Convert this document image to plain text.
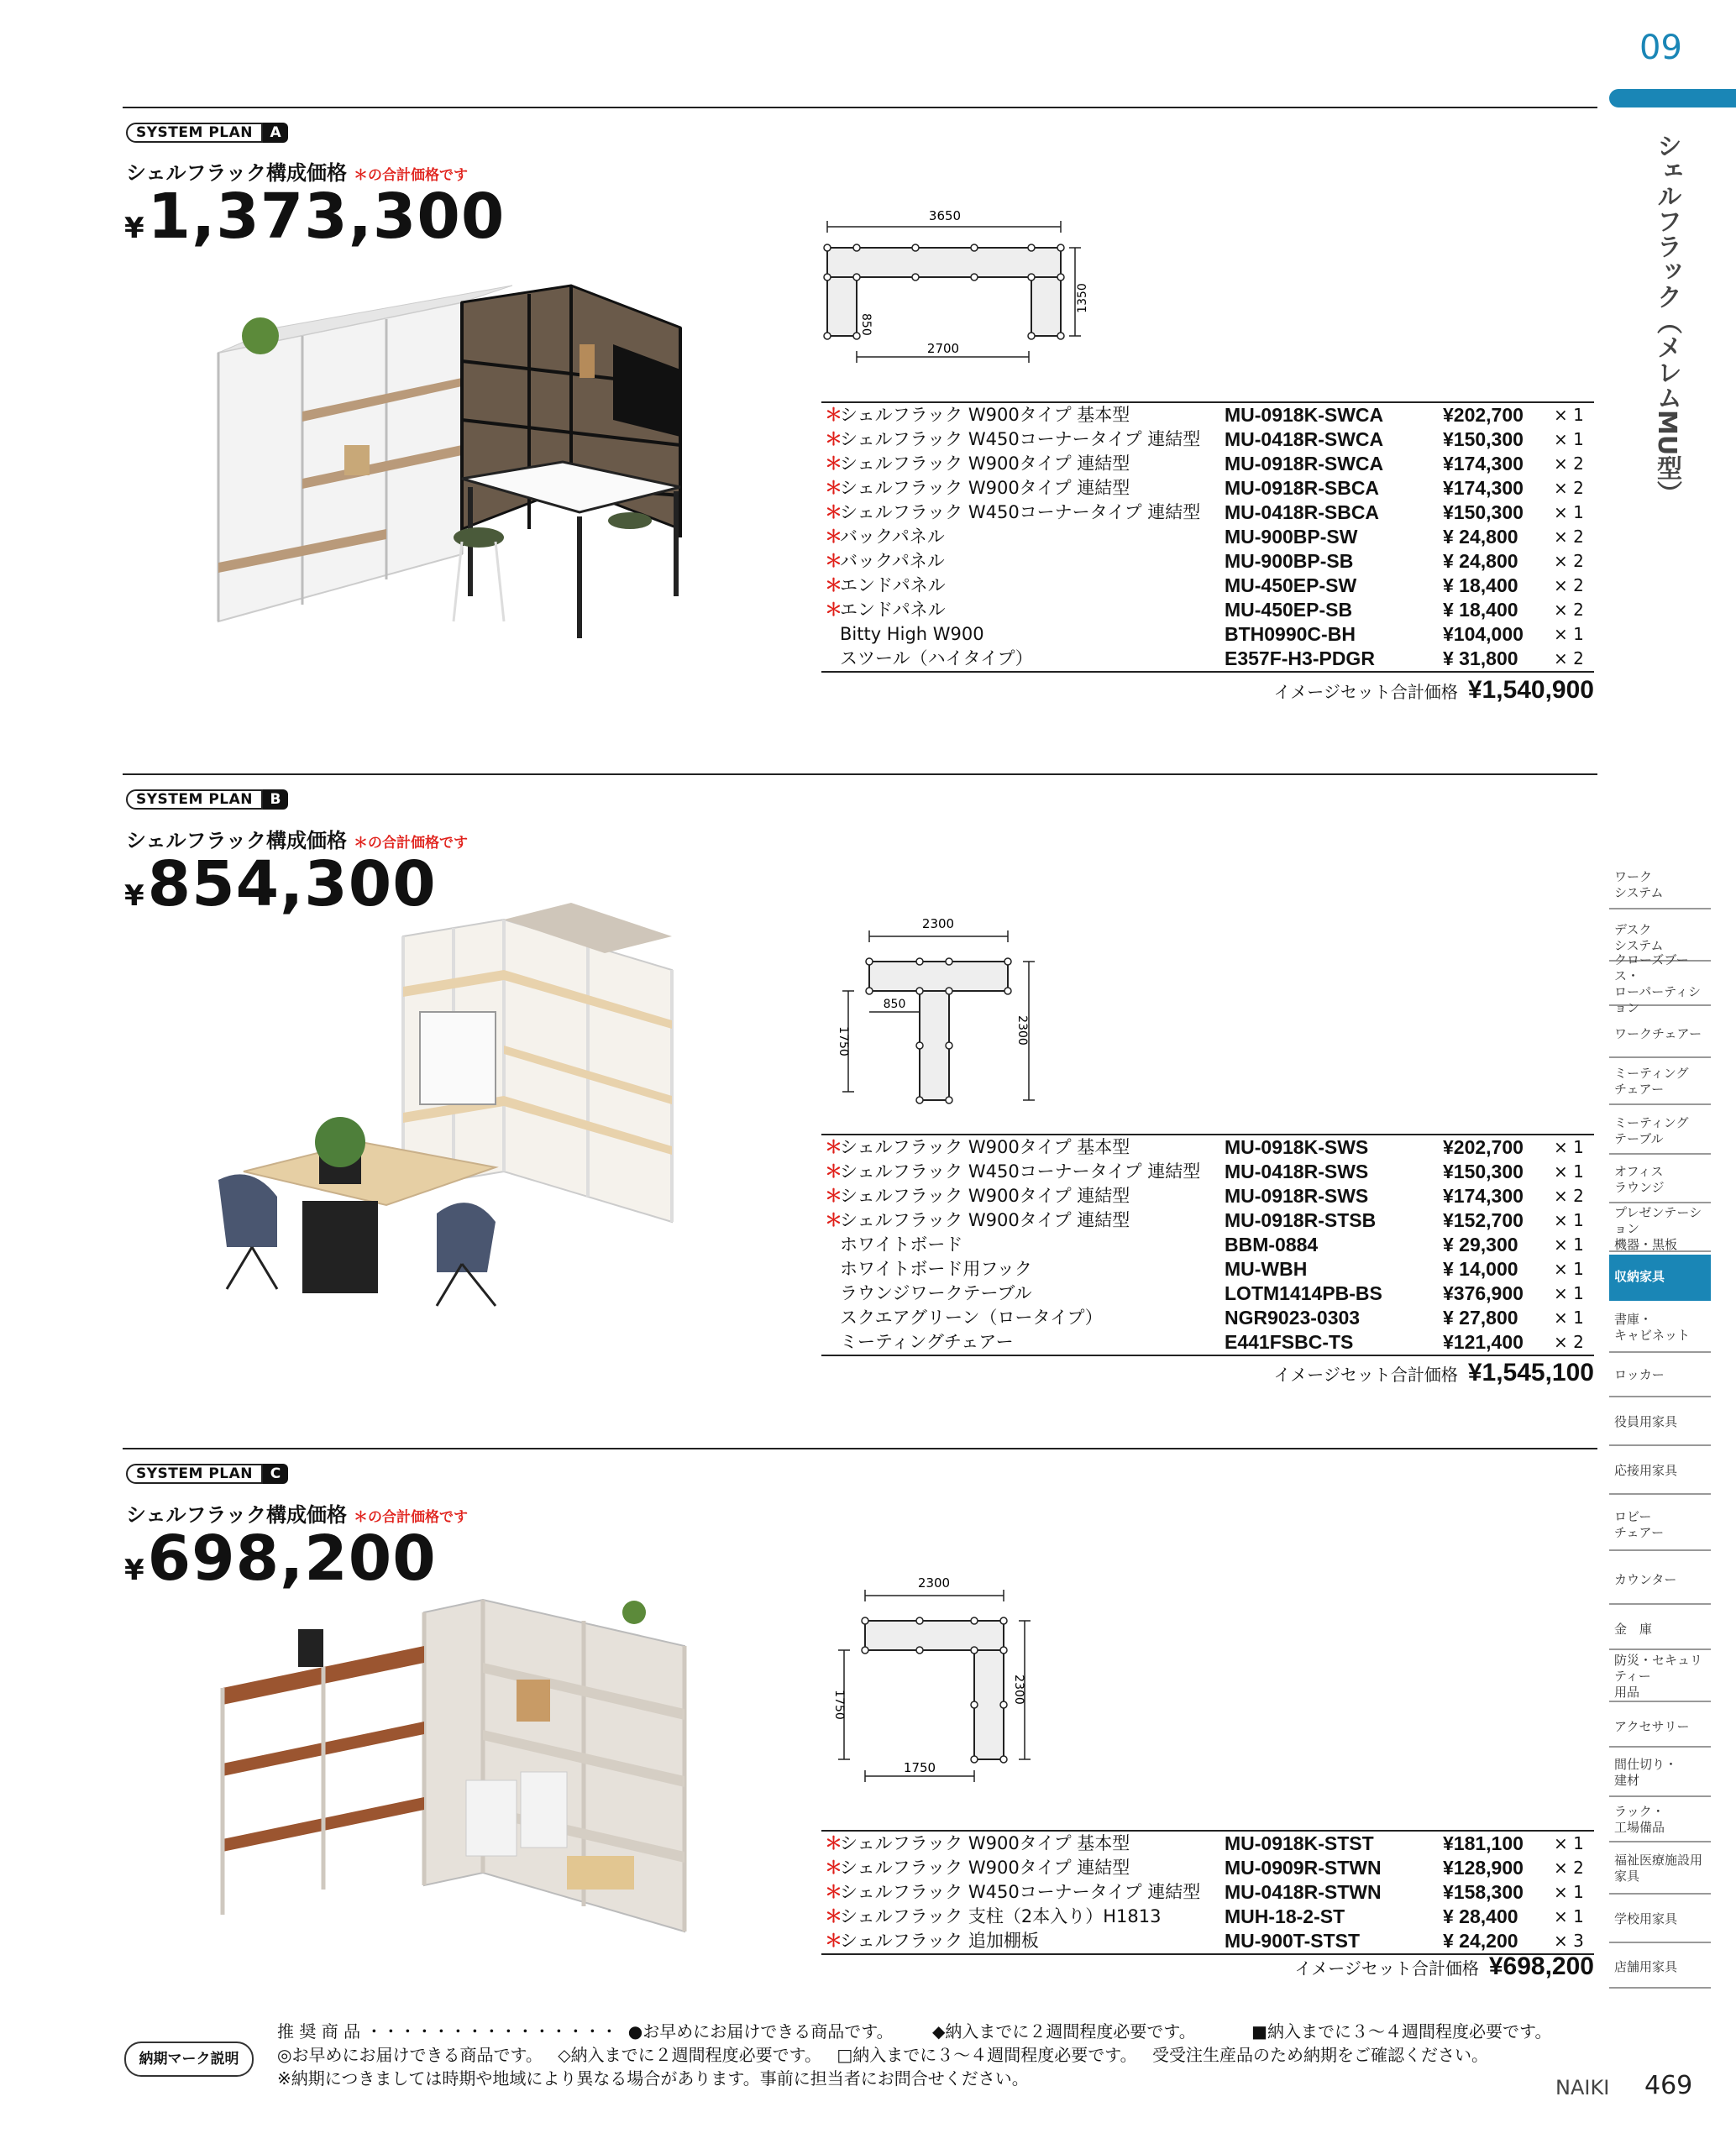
09
シェルフラック（メレムMU型）
ワーク
システム
デスク
システム
クローズブース・
ローパーティション
ワークチェアー
ミーティング
チェアー
ミーティング
テーブル
オフィス
ラウンジ
プレゼンテーション
機器・黒板
収納家具
書庫・
キャビネット
ロッカー
役員用家具
応接用家具
ロビー
チェアー
カウンター
金　庫
防災・セキュリティー
用品
アクセサリー
間仕切り・
建材
ラック・
工場備品
福祉医療施設用
家具
学校用家具
店舗用家具
SYSTEM PLAN	A
シェルフラック構成価格 ＊の合計価格です
¥1,373,300	3650
850
1350
2700
＊
シェルフラック W900タイプ 基本型	MU-0918K-SWCA	¥202,700 × 1
＊
シェルフラック W450コーナータイプ 連結型 MU-0418R-SWCA	¥150,300 × 1
＊
シェルフラック W900タイプ 連結型	MU-0918R-SWCA	¥174,300 × 2
＊
シェルフラック W900タイプ 連結型	MU-0918R-SBCA	¥174,300 × 2
＊
シェルフラック W450コーナータイプ 連結型 MU-0418R-SBCA	¥150,300 × 1
＊
バックパネル	MU-900BP-SW	¥ 24,800 × 2
＊
バックパネル	MU-900BP-SB	¥ 24,800 × 2
＊
エンドパネル	MU-450EP-SW	¥ 18,400 × 2
＊
エンドパネル	MU-450EP-SB	¥ 18,400 × 2
Bitty High W900	BTH0990C-BH	¥104,000 × 1
スツール（ハイタイプ）	E357F-H3-PDGR	¥ 31,800 × 2
イメージセット合計価格 ¥1,540,900
SYSTEM PLAN	B
シェルフラック構成価格 ＊の合計価格です
¥854,300
2300
850
1750	2300
＊
シェルフラック W900タイプ 基本型	MU-0918K-SWS	¥202,700 × 1
＊
シェルフラック W450コーナータイプ 連結型 MU-0418R-SWS	¥150,300 × 1
＊
シェルフラック W900タイプ 連結型	MU-0918R-SWS	¥174,300 × 2
＊
シェルフラック W900タイプ 連結型	MU-0918R-STSB	¥152,700 × 1
ホワイトボード	BBM-0884	¥ 29,300 × 1
ホワイトボード用フック	MU-WBH	¥ 14,000 × 1
ラウンジワークテーブル	LOTM1414PB-BS	¥376,900 × 1
スクエアグリーン（ロータイプ）	NGR9023-0303	¥ 27,800 × 1
ミーティングチェアー	E441FSBC-TS	¥121,400 × 2
イメージセット合計価格 ¥1,545,100
SYSTEM PLAN	C
シェルフラック構成価格 ＊の合計価格です
¥698,200	2300
1750
2300
1750
＊
シェルフラック W900タイプ 基本型	MU-0918K-STST	¥181,100 × 1
＊
シェルフラック W900タイプ 連結型	MU-0909R-STWN	¥128,900 × 2
＊
シェルフラック W450コーナータイプ 連結型 MU-0418R-STWN	¥158,300 × 1
＊
シェルフラック 支柱（2本入り）H1813	MUH-18-2-ST	¥ 28,400 × 1
＊
シェルフラック 追加棚板	MU-900T-STST	¥ 24,200 × 3
イメージセット合計価格 ¥698,200
納期マーク説明
推 奨 商 品 ・・・・・・・・・・・・・・・ ●お早めにお届けできる商品です。 ◆納入までに２週間程度必要です。	■納入までに３～４週間程度必要です。
◎お早めにお届けできる商品です。 ◇納入までに２週間程度必要です。 □納入までに３～４週間程度必要です。 受受注生産品のため納期をご確認ください。
※納期につきましては時期や地域により異なる場合があります。事前に担当者にお問合せください。	NAIKI 469
